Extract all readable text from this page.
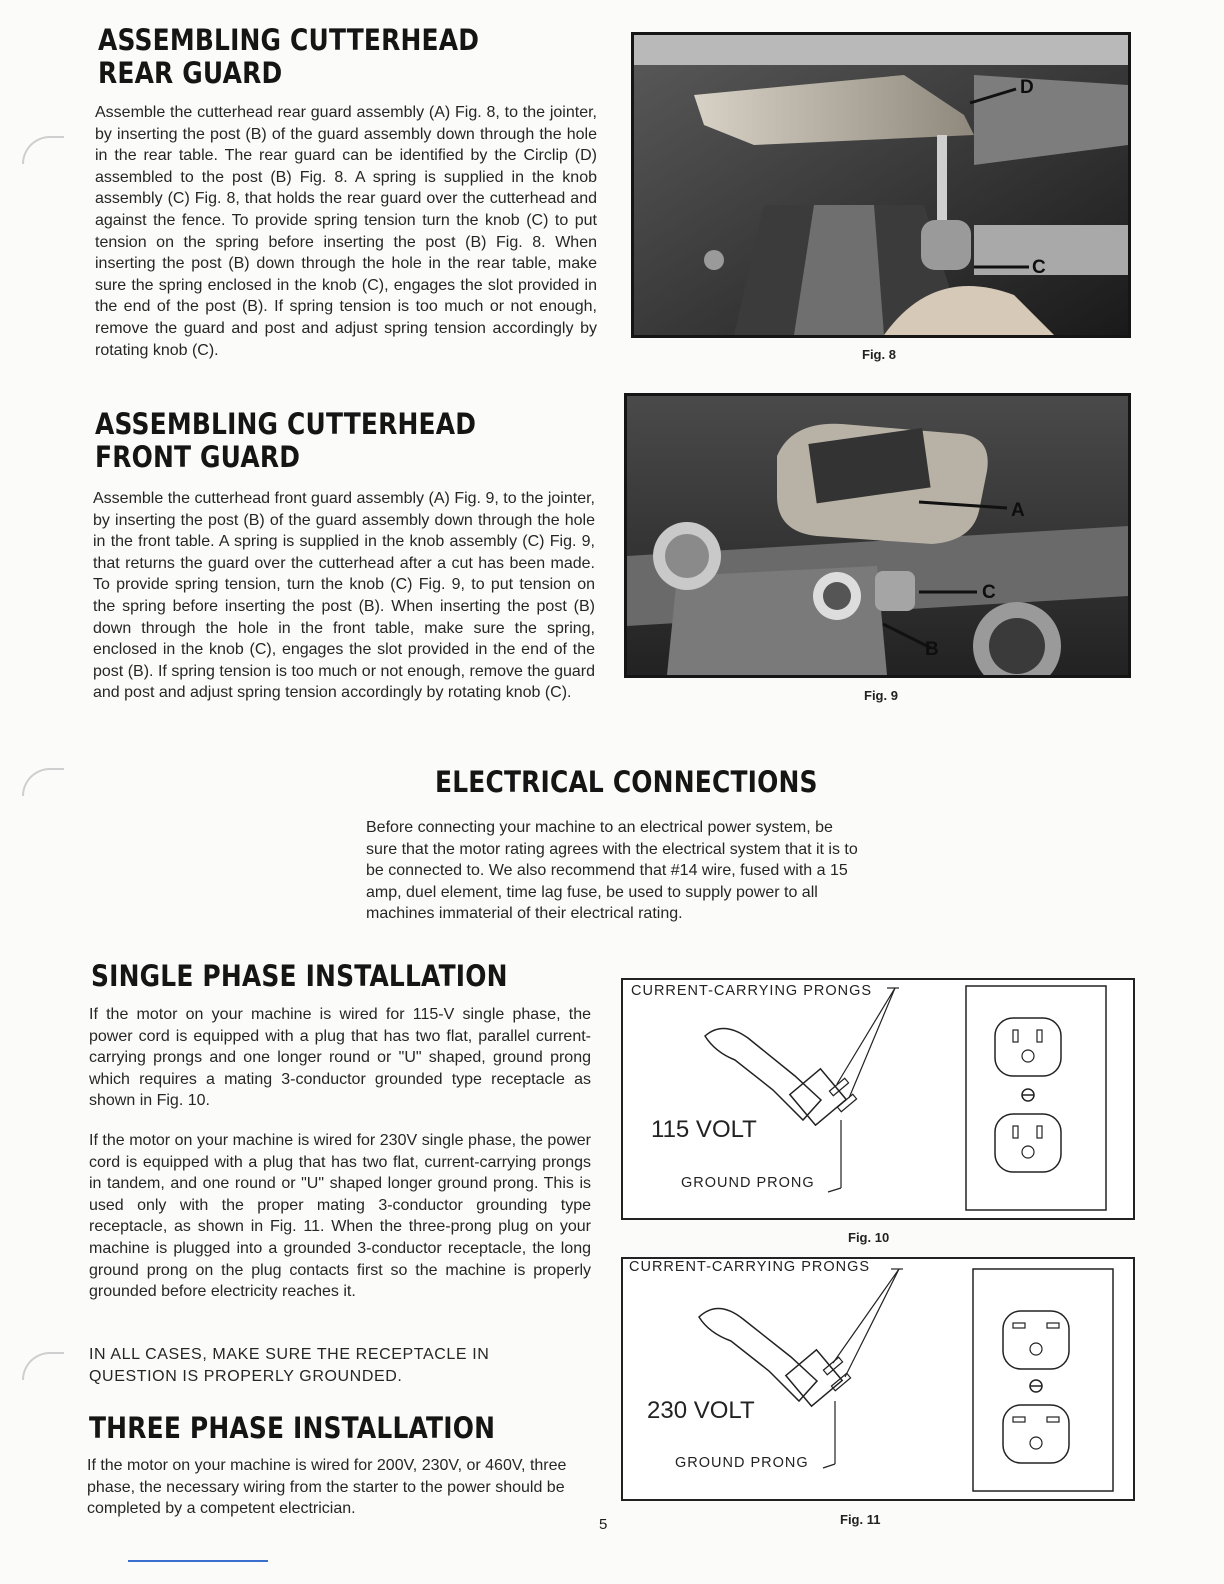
ASSEMBLING CUTTERHEAD
REAR GUARD

Assemble the cutterhead rear guard assembly (A) Fig. 8, to the jointer, by inserting the post (B) of the guard assembly down through the hole in the rear table. The rear guard can be identified by the Circlip (D) assembled to the post (B) Fig. 8. A spring is supplied in the knob assembly (C) Fig. 8, that holds the rear guard over the cutterhead and against the fence. To provide spring tension turn the knob (C) to put tension on the spring before inserting the post (B) Fig. 8. When inserting the post (B) down through the hole in the rear table, make sure the spring enclosed in the knob (C), engages the slot provided in the end of the post (B). If spring tension is too much or not enough, remove the guard and post and adjust spring tension accordingly by rotating knob (C).

D
C

Fig. 8

ASSEMBLING CUTTERHEAD
FRONT GUARD

Assemble the cutterhead front guard assembly (A) Fig. 9, to the jointer, by inserting the post (B) of the guard assembly down through the hole in the front table. A spring is supplied in the knob assembly (C) Fig. 9, that returns the guard over the cutterhead after a cut has been made. To provide spring tension, turn the knob (C) Fig. 9, to put tension on the spring before inserting the post (B). When inserting the post (B) down through the hole in the front table, make sure the spring, enclosed in the knob (C), engages the slot provided in the end of the post (B). If spring tension is too much or not enough, remove the guard and post and adjust spring tension accordingly by rotating knob (C).

A
C
B

Fig. 9

ELECTRICAL CONNECTIONS

Before connecting your machine to an electrical power system, be sure that the motor rating agrees with the electrical system that it is to be connected to. We also recommend that #14 wire, fused with a 15 amp, duel element, time lag fuse, be used to supply power to all machines immaterial of their electrical rating.

SINGLE PHASE INSTALLATION

If the motor on your machine is wired for 115-V single phase, the power cord is equipped with a plug that has two flat, parallel current-carrying prongs and one longer round or "U" shaped, ground prong which requires a mating 3-conductor grounded type receptacle as shown in Fig. 10.

If the motor on your machine is wired for 230V single phase, the power cord is equipped with a plug that has two flat, current-carrying prongs in tandem, and one round or "U" shaped longer ground prong. This is used only with the proper mating 3-conductor grounding type receptacle, as shown in Fig. 11. When the three-prong plug on your machine is plugged into a grounded 3-conductor receptacle, the long ground prong on the plug contacts first so the machine is properly grounded before electricity reaches it.

IN ALL CASES, MAKE SURE THE RECEPTACLE IN QUESTION IS PROPERLY GROUNDED.

THREE PHASE INSTALLATION

If the motor on your machine is wired for 200V, 230V, or 460V, three phase, the necessary wiring from the starter to the power should be completed by a competent electrician.

CURRENT-CARRYING PRONGS

115 VOLT

GROUND PRONG

Fig. 10

CURRENT-CARRYING PRONGS

230 VOLT

GROUND PRONG

Fig. 11

5
